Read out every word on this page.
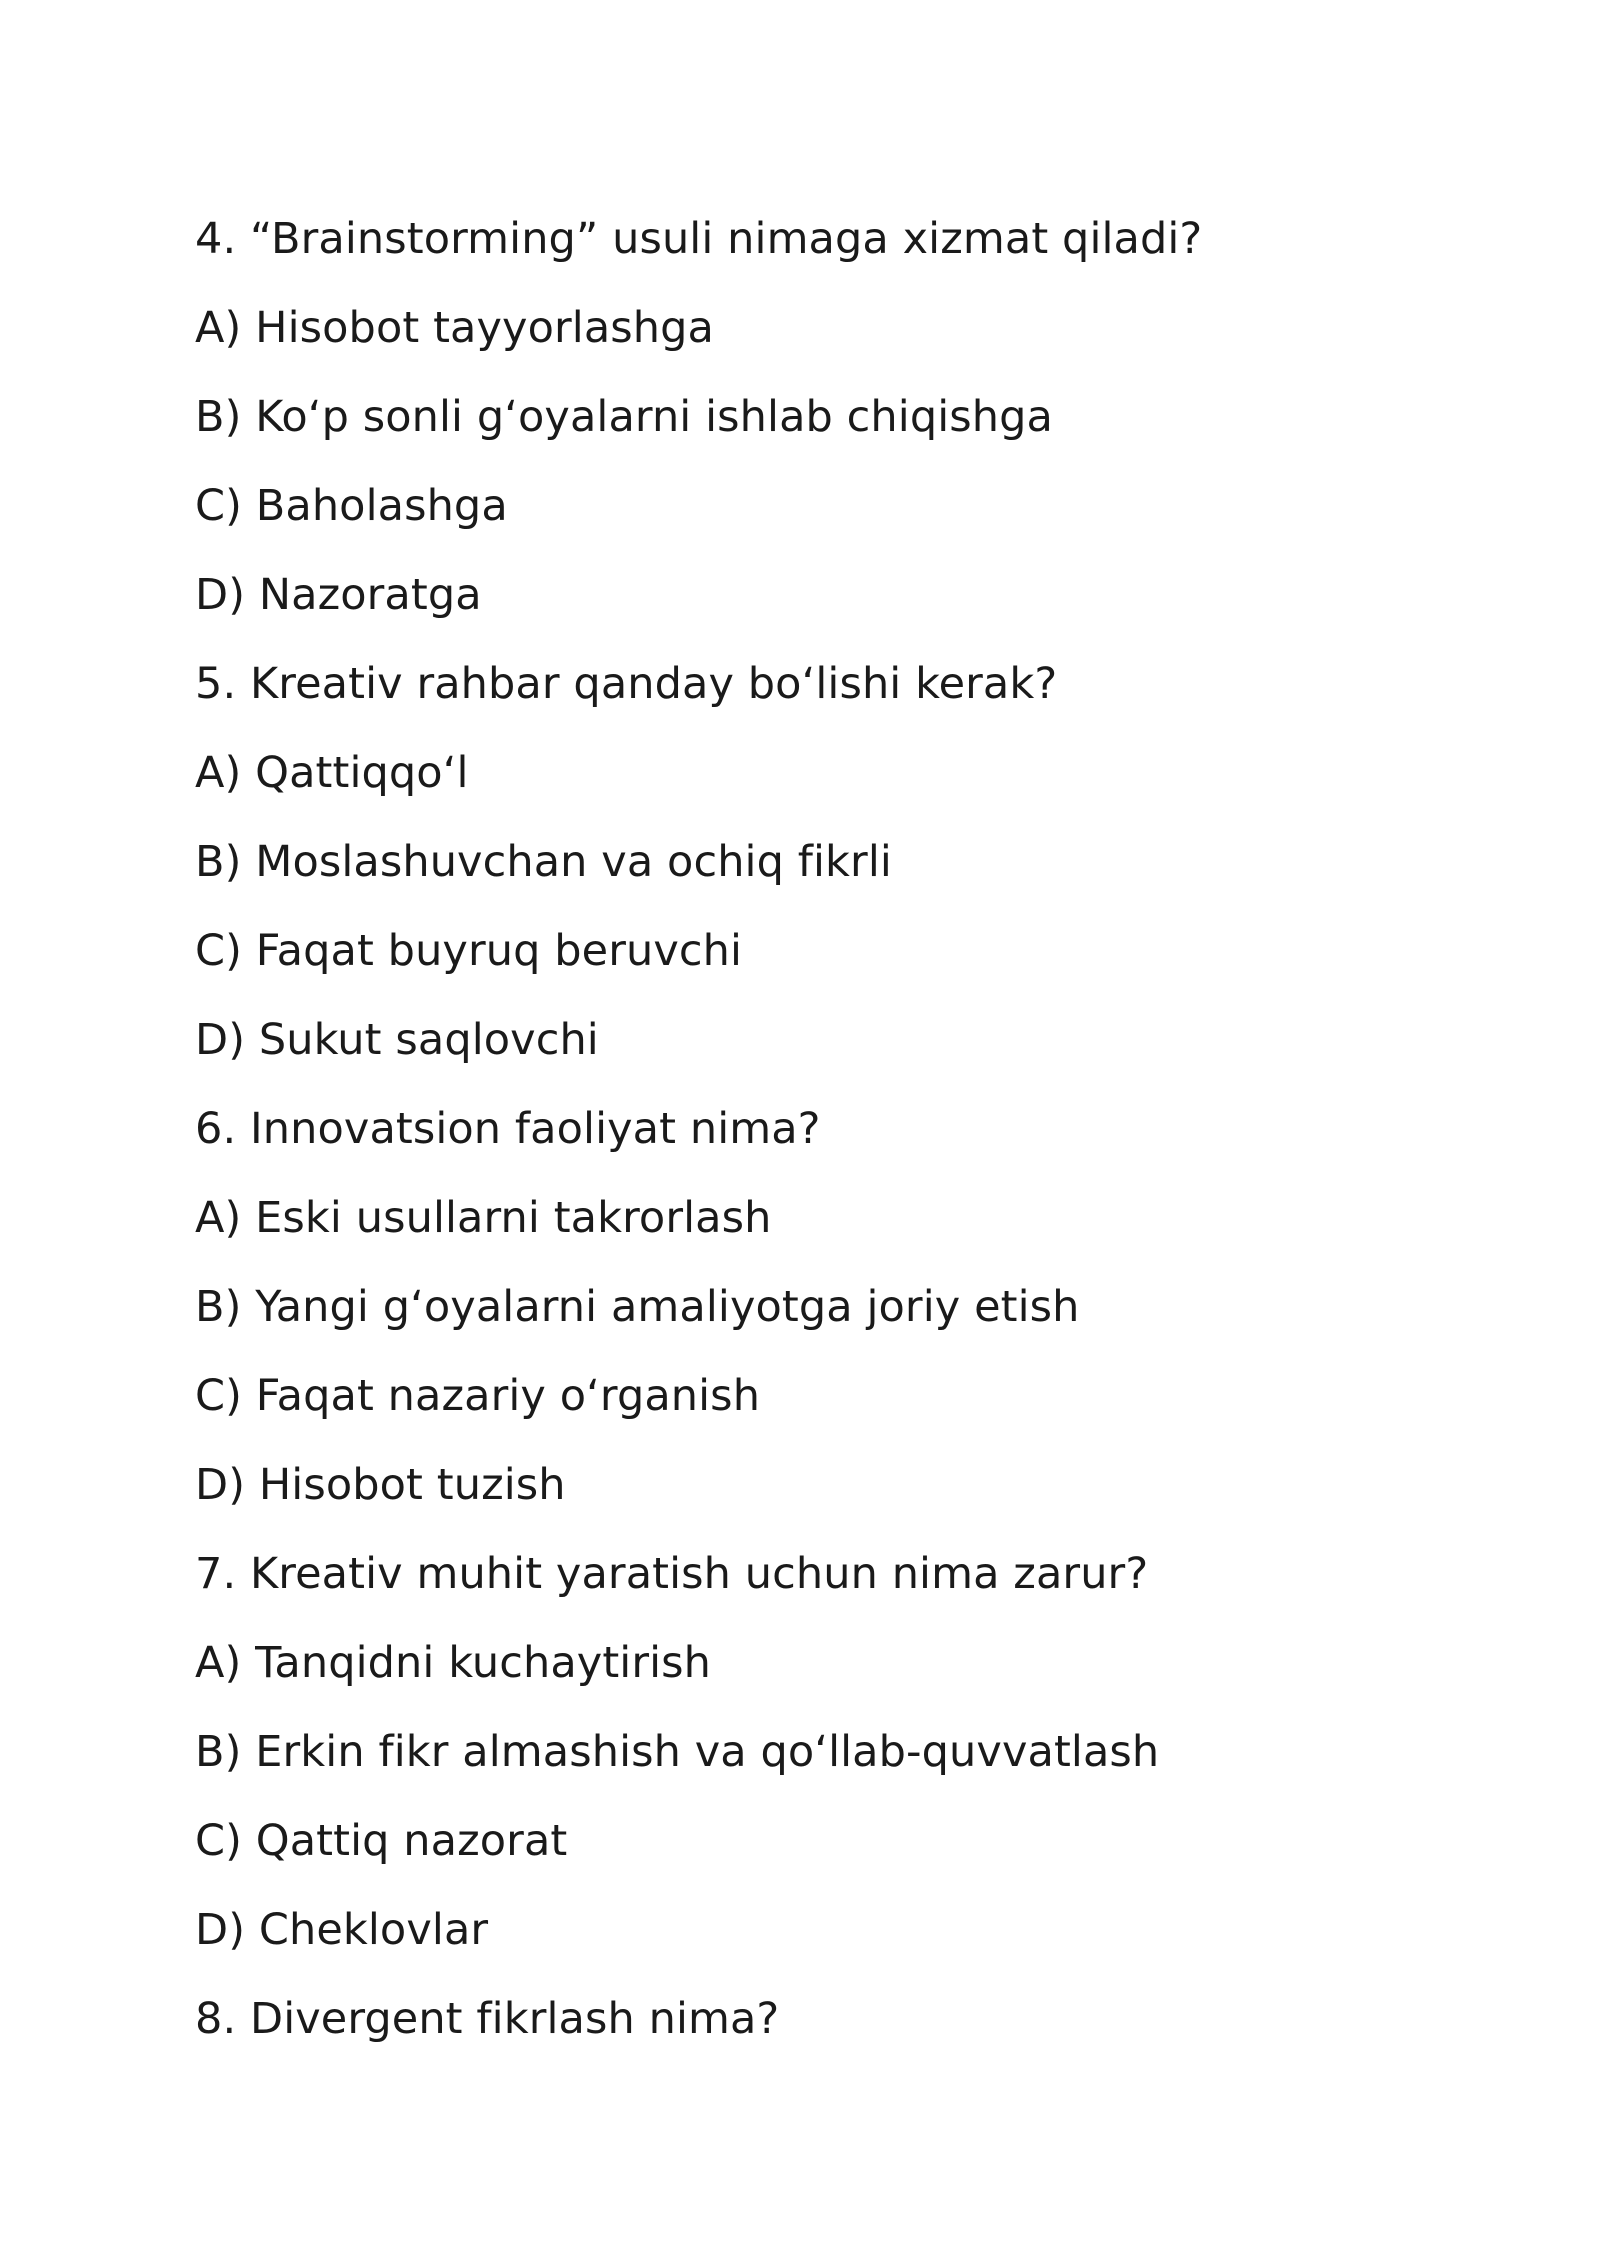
4. “Brainstorming” usuli nimaga xizmat qiladi?
A) Hisobot tayyorlashga
B) Koʻp sonli gʻoyalarni ishlab chiqishga
C) Baholashga
D) Nazoratga
5. Kreativ rahbar qanday boʻlishi kerak?
A) Qattiqqoʻl
B) Moslashuvchan va ochiq fikrli
C) Faqat buyruq beruvchi
D) Sukut saqlovchi
6. Innovatsion faoliyat nima?
A) Eski usullarni takrorlash
B) Yangi gʻoyalarni amaliyotga joriy etish
C) Faqat nazariy oʻrganish
D) Hisobot tuzish
7. Kreativ muhit yaratish uchun nima zarur?
A) Tanqidni kuchaytirish
B) Erkin fikr almashish va qoʻllab-quvvatlash
C) Qattiq nazorat
D) Cheklovlar
8. Divergent fikrlash nima?
